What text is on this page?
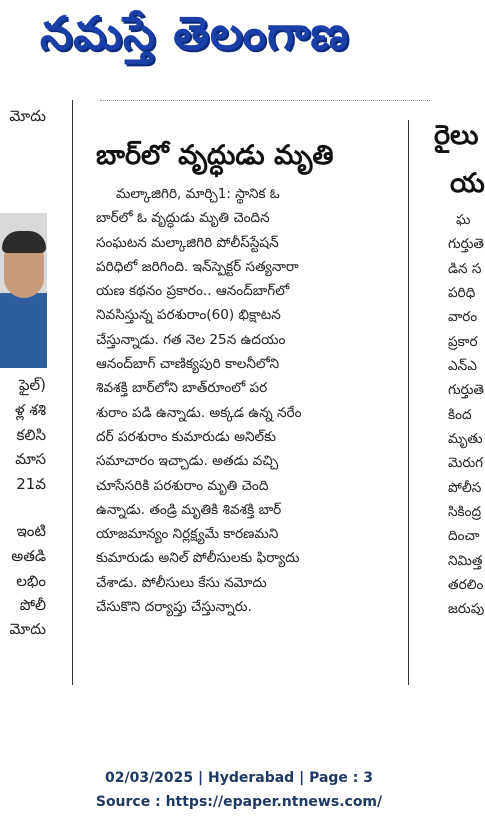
నమస్తే తెలంగాణ
మోదు
ఫైల్)
ళ్ల శశి
కలిసి
మాస
21వ
ఇంటి
అతడి
లభిం
పోలీ
మోదు
బార్‌లో వృద్ధుడు మృతి
మల్కాజిగిరి, మార్చి1: స్థానిక ఓ
బార్‌లో ఓ వృద్ధుడు మృతి చెందిన
సంఘటన మల్కాజిగిరి పోలీస్‌స్టేషన్
పరిధిలో జరిగింది. ఇన్‌స్పెక్టర్ సత్యనారా
యణ కథనం ప్రకారం.. ఆనంద్‌బాగ్‌లో
నివసిస్తున్న పరశురాం(60) భిక్షాటన
చేస్తున్నాడు. గత నెల 25న ఉదయం
ఆనంద్‌బాగ్ చాణిక్యపురి కాలనీలోని
శివశక్తి బార్‌లోని బాత్‌రూంలో పర
శురాం పడి ఉన్నాడు. అక్కడ ఉన్న నరేం
దర్ పరశురాం కుమారుడు అనిల్‌కు
సమాచారం ఇచ్చాడు. అతడు వచ్చి
చూసేసరికి పరశురాం మృతి చెంది
ఉన్నాడు. తండ్రి మృతికి శివశక్తి బార్
యాజమాన్యం నిర్లక్ష్యమే కారణమని
కుమారుడు అనిల్ పోలీసులకు ఫిర్యాదు
చేశాడు. పోలీసులు కేసు నమోదు
చేసుకొని దర్యాప్తు చేస్తున్నారు.
రైలు
య
ఘ
గుర్తుతె
డిన స
పరిధి
వారం
ప్రకార
ఎన్‌ఎ
గుర్తుతె
కింద
మృతు
మెరుగ
పోలీస
సికింద్ర
దించా
నిమిత్త
తరలిం
జరుపు
02/03/2025 | Hyderabad | Page : 3
Source : https://epaper.ntnews.com/
